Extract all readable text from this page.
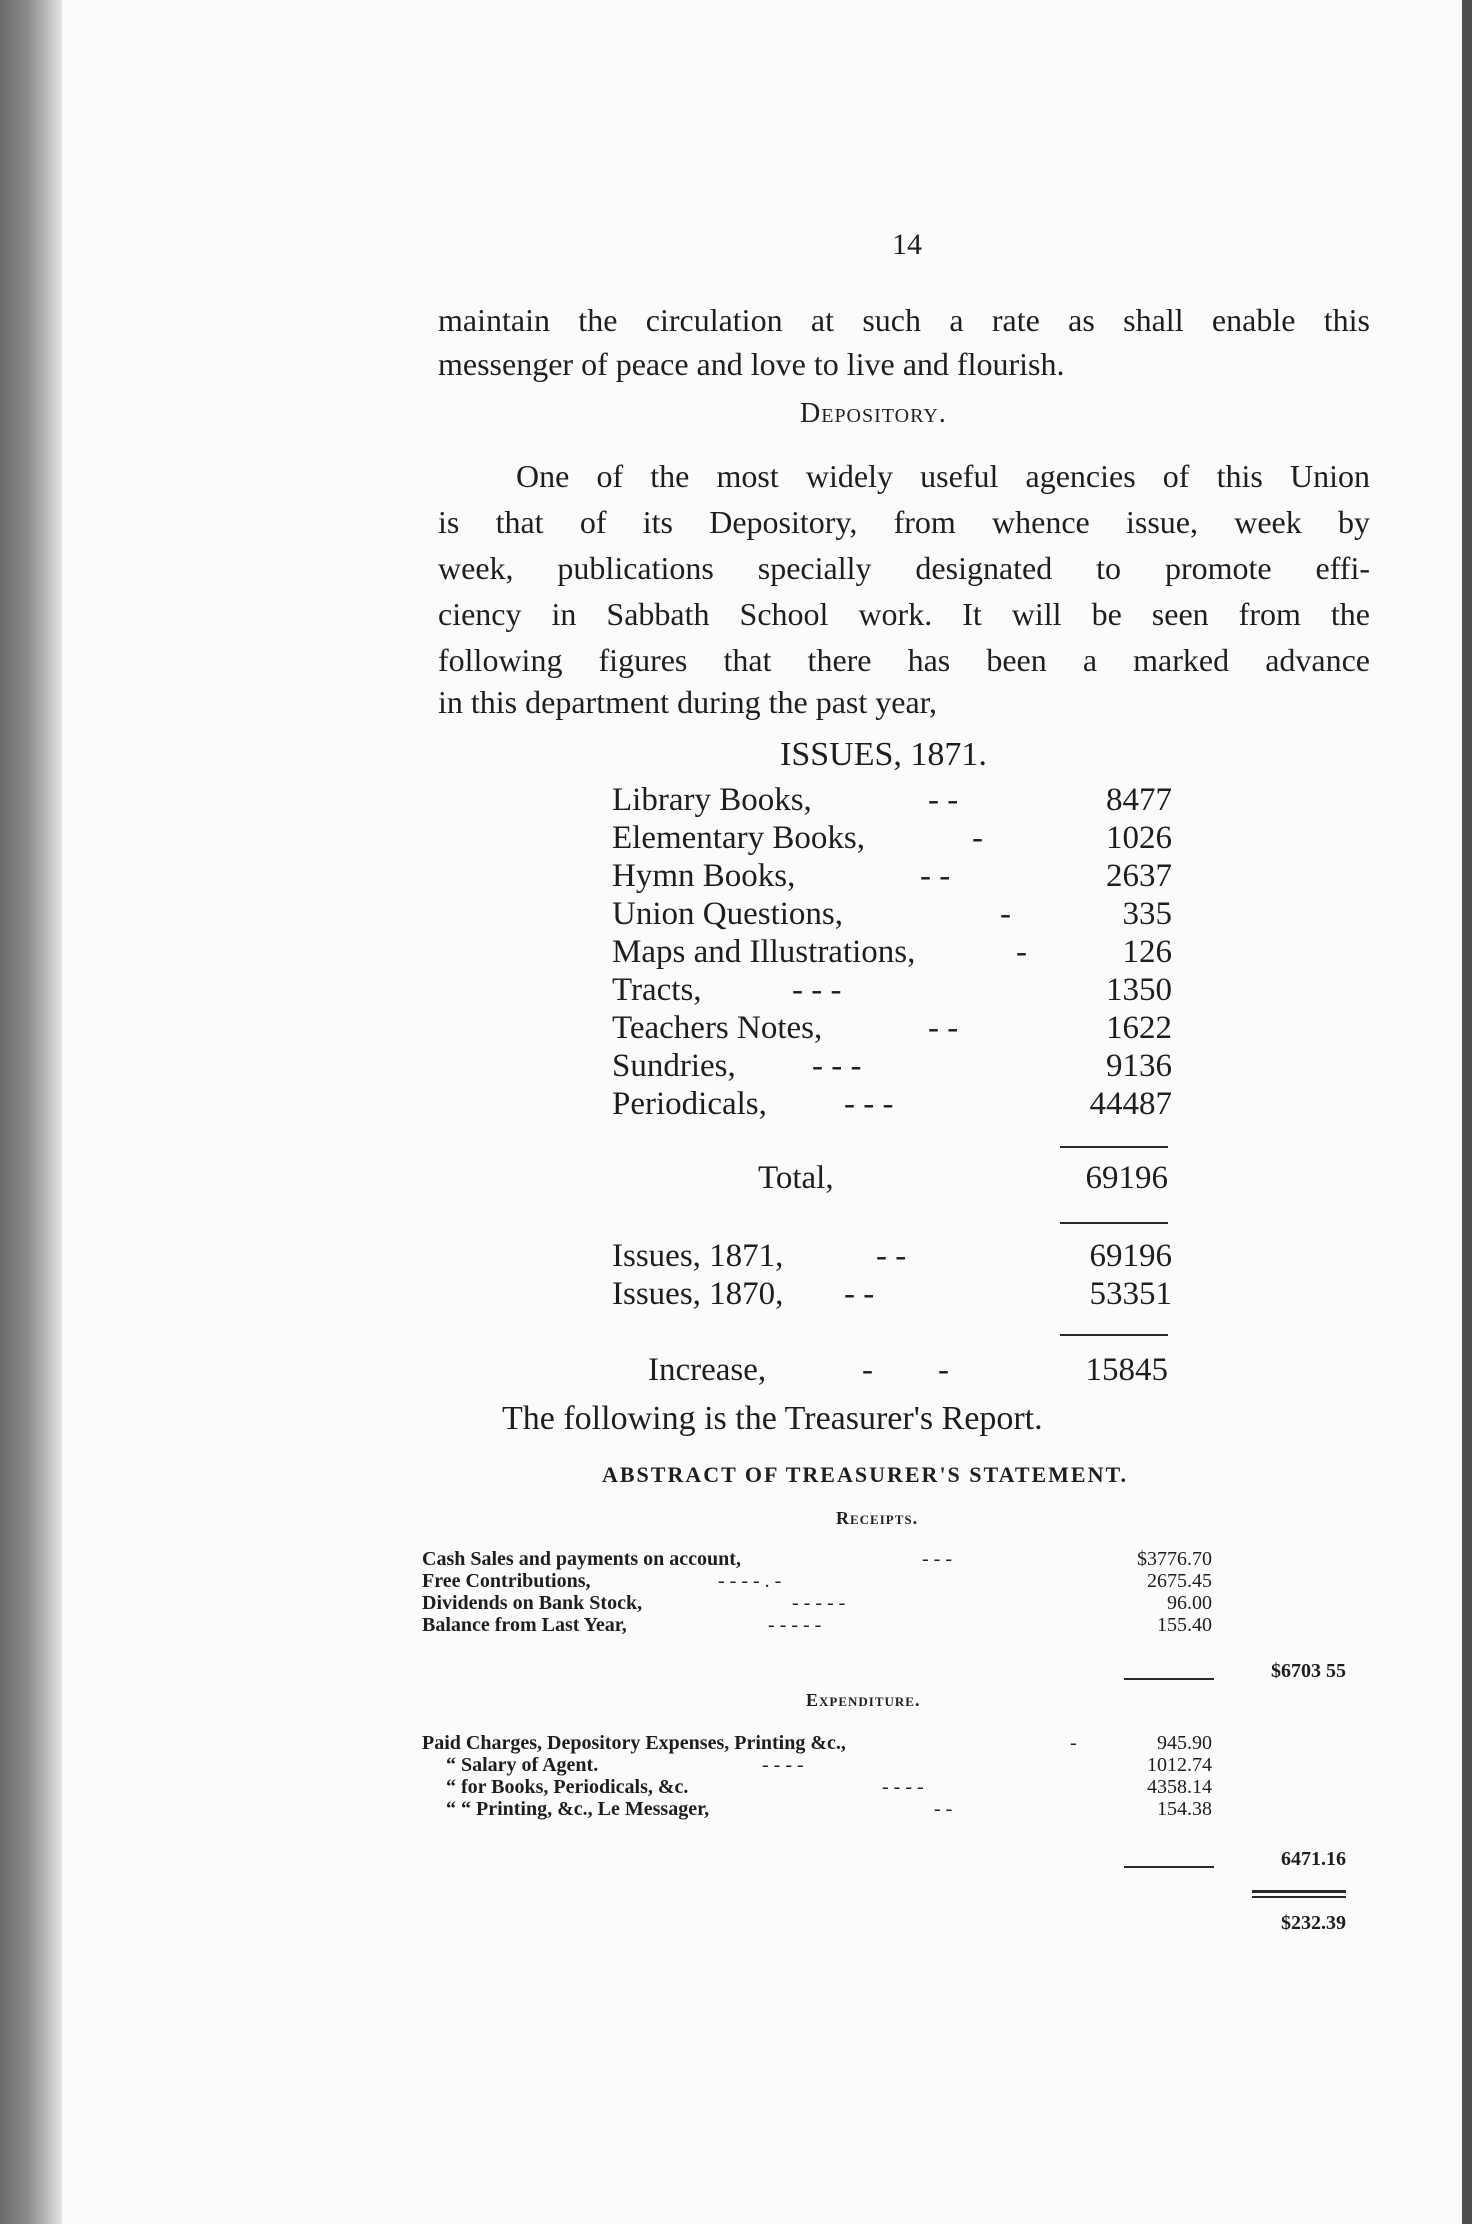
14
maintain the circulation at such a rate as shall enable this
messenger of peace and love to live and flourish.
Depository.
One of the most widely useful agencies of this Union
is that of its Depository, from whence issue, week by
week, publications specially designated to promote effi-
ciency in Sabbath School work. It will be seen from the
following figures that there has been a marked advance
in this department during the past year,
ISSUES, 1871.
Library Books,	- -	8477
Elementary Books,	-	1026
Hymn Books,	- -	2637
Union Questions,	-	335
Maps and Illustrations,	-	126
Tracts,	- - -	1350
Teachers Notes,	- -	1622
Sundries, - - -	9136
Periodicals, - - -	44487
Total,	69196
Issues, 1871,	- -	69196
Issues, 1870, - -	53351
Increase,	- -	15845
The following is the Treasurer's Report.
ABSTRACT OF TREASURER'S STATEMENT.
Receipts.
Cash Sales and payments on account,	- - -	$3776.70
Free Contributions,	- - - - . -	2675.45
Dividends on Bank Stock,	- - - - -	96.00
Balance from Last Year,	- - - - -	155.40
$6703 55
Expenditure.
Paid Charges, Depository Expenses, Printing &c.,	-	945.90
“ Salary of Agent.	- - - -	1012.74
“ for Books, Periodicals, &c.	- - - -	4358.14
“ “ Printing, &c., Le Messager,	- -	154.38
6471.16
$232.39
